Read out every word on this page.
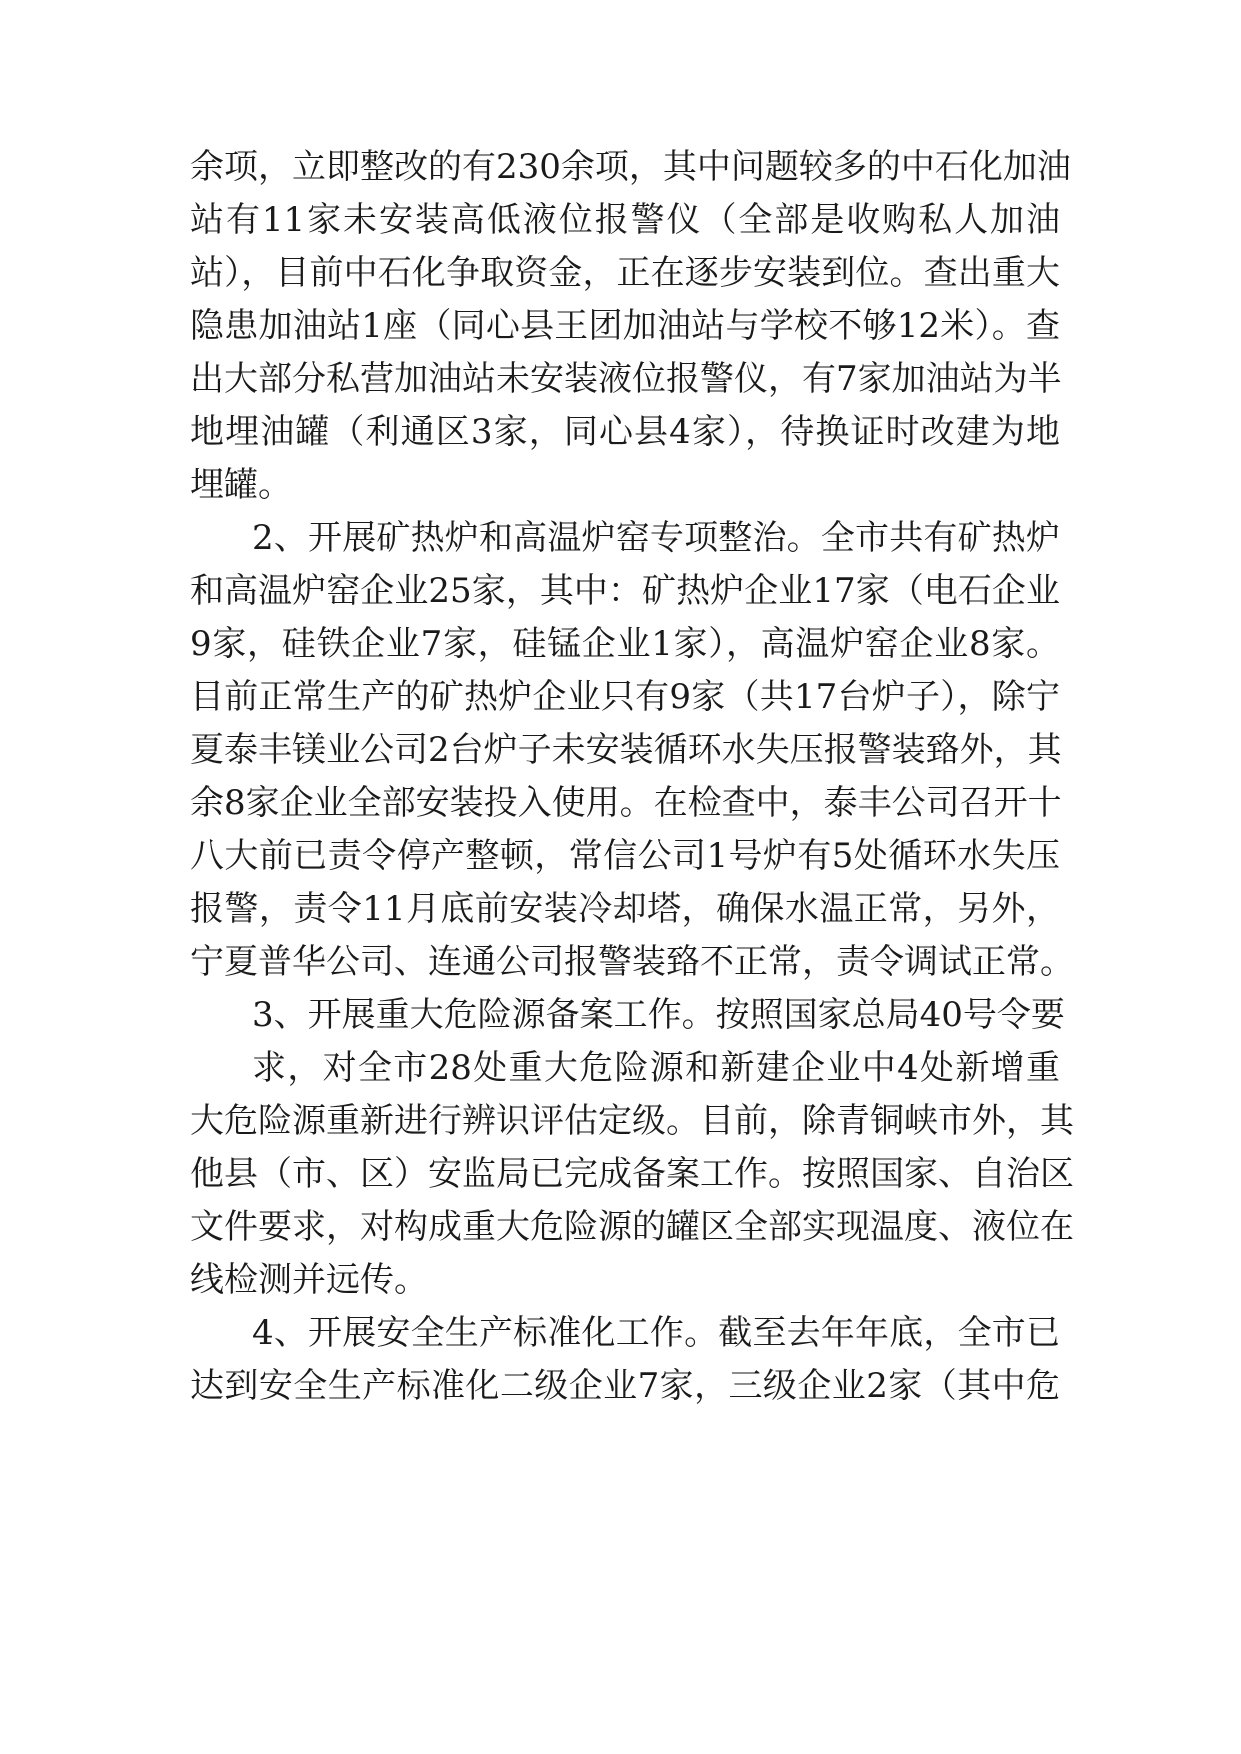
余项，立即整改的有230余项，其中问题较多的中石化加油
站有11家未安装高低液位报警仪（全部是收购私人加油
站），目前中石化争取资金，正在逐步安装到位。查出重大
隐患加油站1座（同心县王团加油站与学校不够12米）。查
出大部分私营加油站未安装液位报警仪，有7家加油站为半
地埋油罐（利通区3家，同心县4家），待换证时改建为地
埋罐。
2、开展矿热炉和高温炉窑专项整治。全市共有矿热炉
和高温炉窑企业25家，其中：矿热炉企业17家（电石企业
9家，硅铁企业7家，硅锰企业1家），高温炉窑企业8家。
目前正常生产的矿热炉企业只有9家（共17台炉子），除宁
夏泰丰镁业公司2台炉子未安装循环水失压报警装臵外，其
余8家企业全部安装投入使用。在检查中，泰丰公司召开十
八大前已责令停产整顿，常信公司1号炉有5处循环水失压
报警，责令11月底前安装冷却塔，确保水温正常，另外，
宁夏普华公司、连通公司报警装臵不正常，责令调试正常。
3、开展重大危险源备案工作。按照国家总局40号令要
求，对全市28处重大危险源和新建企业中4处新增重
大危险源重新进行辨识评估定级。目前，除青铜峡市外，其
他县（市、区）安监局已完成备案工作。按照国家、自治区
文件要求，对构成重大危险源的罐区全部实现温度、液位在
线检测并远传。
4、开展安全生产标准化工作。截至去年年底，全市已
达到安全生产标准化二级企业7家，三级企业2家（其中危
